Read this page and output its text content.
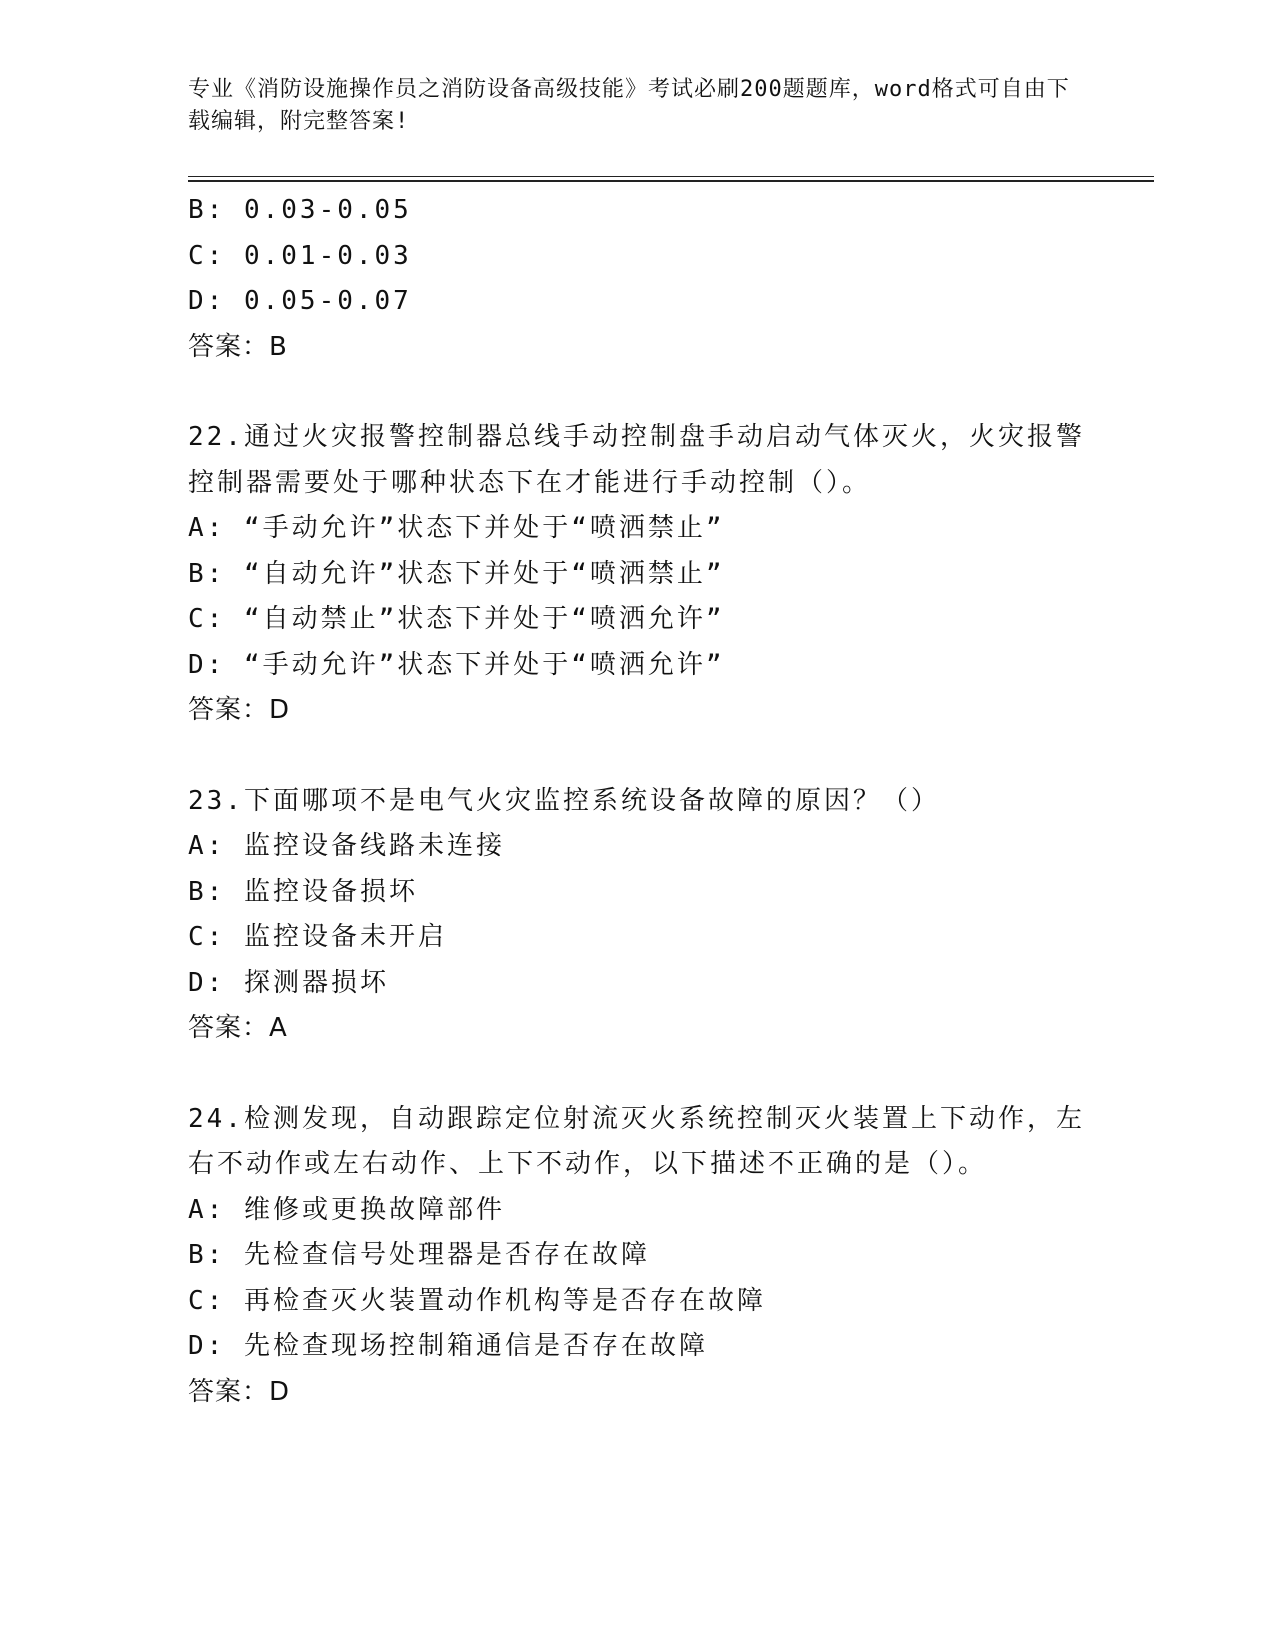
专业《消防设施操作员之消防设备高级技能》考试必刷200题题库，word格式可自由下载编辑，附完整答案!
B: 0.03-0.05
C: 0.01-0.03
D: 0.05-0.07
答案：B
22.通过火灾报警控制器总线手动控制盘手动启动气体灭火，火灾报警
控制器需要处于哪种状态下在才能进行手动控制（）。
A: “手动允许”状态下并处于“喷洒禁止”
B: “自动允许”状态下并处于“喷洒禁止”
C: “自动禁止”状态下并处于“喷洒允许”
D: “手动允许”状态下并处于“喷洒允许”
答案：D
23.下面哪项不是电气火灾监控系统设备故障的原因？（）
A: 监控设备线路未连接
B: 监控设备损坏
C: 监控设备未开启
D: 探测器损坏
答案：A
24.检测发现，自动跟踪定位射流灭火系统控制灭火装置上下动作，左
右不动作或左右动作、上下不动作，以下描述不正确的是（）。
A: 维修或更换故障部件
B: 先检查信号处理器是否存在故障
C: 再检查灭火装置动作机构等是否存在故障
D: 先检查现场控制箱通信是否存在故障
答案：D
